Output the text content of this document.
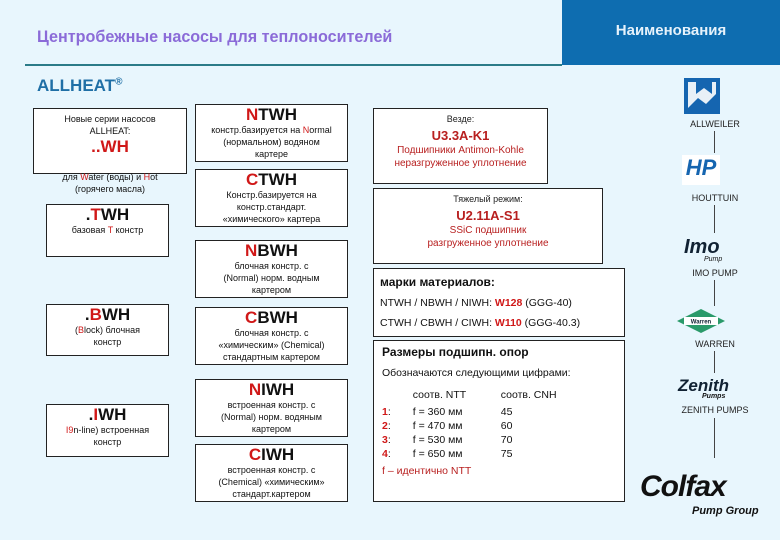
Центробежные насосы для теплоносителей	Наименования
ALLHEAT®
Новые серии насосов
ALLHEAT:
..WH
для Water (воды) и Hot
(горячего масла)
.TWH
базовая T констр
.BWH
(Block) блочная
констр
.IWH
I9n-line) встроенная
констр
NTWH
констр.базируется на Normal
(нормальном) водяном
картере
CTWH
Констр.базируется на
констр.стандарт.
«химического» картера
NBWH
блочная констр. с
(Normal) норм. водным
картером
CBWH
блочная констр. с
«химическим» (Chemical)
стандартным картером
NIWH
встроенная констр. с
(Normal) норм. водяным
картером
CIWH
встроенная констр. с
(Chemical) «химическим»
стандарт.картером
Везде:
U3.3A-K1
Подшипники Antimon-Kohle
неразгруженное уплотнение
Тяжелый режим:
U2.11A-S1
SSiC подшипник
разгруженное уплотнение
марки материалов:
NTWH / NBWH / NIWH: W128 (GGG-40)
CTWH / CBWH / CIWH: W110 (GGG-40.3)
Размеры подшипн. опор
Обозначаются следующими цифрами:
	соотв. NTT	соотв. CNH
1:	f = 360 мм	45
2:	f = 470 мм	60
3:	f = 530 мм	70
4:	f = 650 мм	75
f – идентично NTT
ALLWEILER
HP
HOUTTUIN
Imo
Pump
IMO PUMP
Warren
WARREN
Zenith
Pumps
ZENITH PUMPS
Colfax
Pump Group
